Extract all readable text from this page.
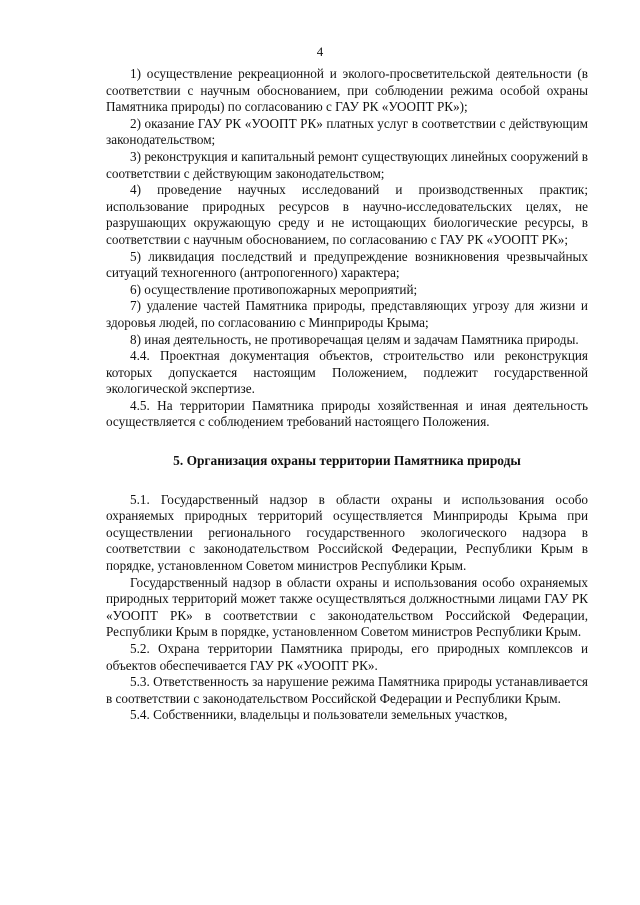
4

1) осуществление рекреационной и эколого-просветительской деятельности (в соответствии с научным обоснованием, при соблюдении режима особой охраны Памятника природы) по согласованию с ГАУ РК «УООПТ РК»);

2) оказание ГАУ РК «УООПТ РК» платных услуг в соответствии с действующим законодательством;

3) реконструкция и капитальный ремонт существующих линейных сооружений в соответствии с действующим законодательством;

4) проведение научных исследований и производственных практик; использование природных ресурсов в научно-исследовательских целях, не разрушающих окружающую среду и не истощающих биологические ресурсы, в соответствии с научным обоснованием, по согласованию с ГАУ РК «УООПТ РК»;

5) ликвидация последствий и предупреждение возникновения чрезвычайных ситуаций техногенного (антропогенного) характера;

6) осуществление противопожарных мероприятий;

7) удаление частей Памятника природы, представляющих угрозу для жизни и здоровья людей, по согласованию с Минприроды Крыма;

8) иная деятельность, не противоречащая целям и задачам Памятника природы.

4.4. Проектная документация объектов, строительство или реконструкция которых допускается настоящим Положением, подлежит государственной экологической экспертизе.

4.5. На территории Памятника природы хозяйственная и иная деятельность осуществляется с соблюдением требований настоящего Положения.

5. Организация охраны территории Памятника природы

5.1. Государственный надзор в области охраны и использования особо охраняемых природных территорий осуществляется Минприроды Крыма при осуществлении регионального государственного экологического надзора в соответствии с законодательством Российской Федерации, Республики Крым в порядке, установленном Советом министров Республики Крым.

Государственный надзор в области охраны и использования особо охраняемых природных территорий может также осуществляться должностными лицами ГАУ РК «УООПТ РК» в соответствии с законодательством Российской Федерации, Республики Крым в порядке, установленном Советом министров Республики Крым.

5.2. Охрана территории Памятника природы, его природных комплексов и объектов обеспечивается ГАУ РК «УООПТ РК».

5.3. Ответственность за нарушение режима Памятника природы устанавливается в соответствии с законодательством Российской Федерации и Республики Крым.

5.4. Собственники, владельцы и пользователи земельных участков,
